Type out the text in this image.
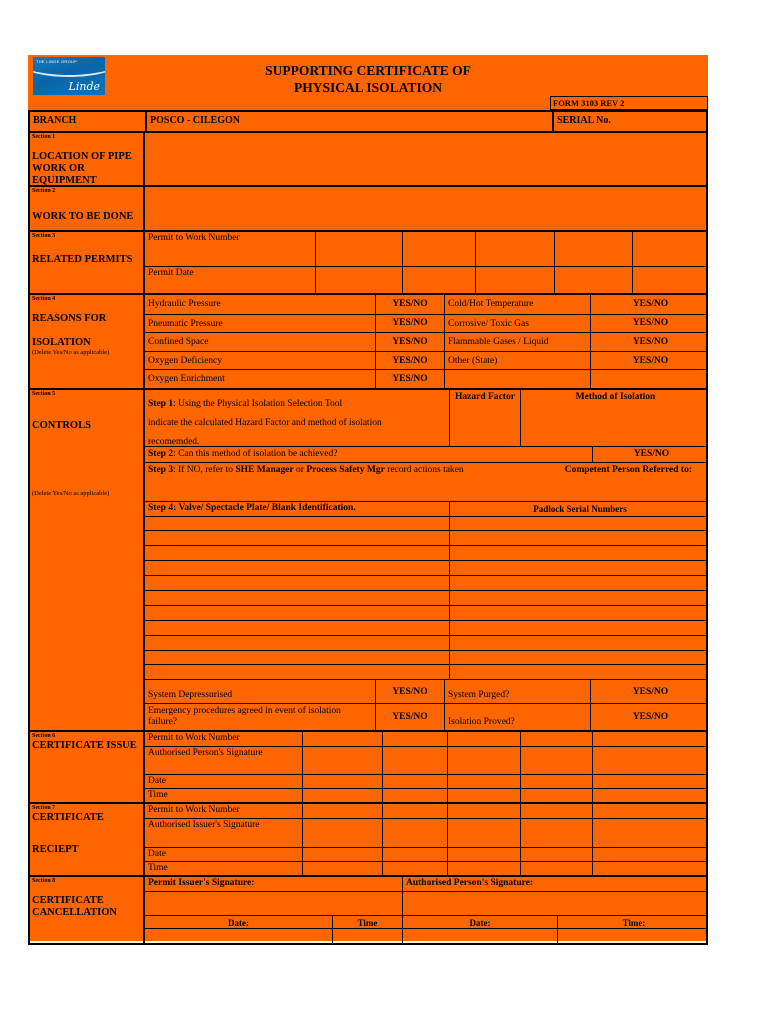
THE LINDE GROUP
Linde
SUPPORTING CERTIFICATE OF
PHYSICAL ISOLATION
FORM 3103 REV 2
BRANCH	POSCO - CILEGON	SERIAL No.
Section 1
LOCATION OF PIPE WORK OR EQUIPMENT
Section 2
WORK TO BE DONE
Section 3
RELATED PERMITS
Permit to Work Number
Permit Date
Section 4
REASONS FOR
ISOLATION
(Delete Yes/No as applicable)
Hydraulic Pressure	YES/NO	Cold/Hot Temperature	YES/NO
Pneumatic Pressure	YES/NO	Corrosive/ Toxic Gas	YES/NO
Confined Space	YES/NO	Flammable Gases / Liquid	YES/NO
Oxygen Deficiency	YES/NO	Other (State)	YES/NO
Oxygen Enrichment	YES/NO
Section 5
CONTROLS
(Delete Yes/No as applicable)
Step 1: Using the Physical Isolation Selection Tool
indicate the calculated Hazard Factor and method of isolation
recomemded.
Hazard Factor	Method of Isolation
Step 2: Can this method of isolation be achieved?	YES/NO
Step 3: If NO, refer to SHE Manager or Process Safety Mgr record actions taken	Competent Person Referred to:
Step 4: Valve/ Spectacle Plate/ Blank Identification.	Padlock Serial Numbers
System Depressurised	YES/NO	System Purged?	YES/NO
Emergency procedures agreed in event of isolation failure?	YES/NO	Isolation Proved?	YES/NO
Section 6
CERTIFICATE ISSUE
Permit to Work Number
Authorised Person's Signature
Date
Time
Section 7
CERTIFICATE
RECIEPT
Permit to Work Number
Authorised Issuer's Signature
Date
Time
Section 8
CERTIFICATE
CANCELLATION
Permit Issuer's Signature:	Authorised Person's Signature:
Date:	Time	Date:	Time:
